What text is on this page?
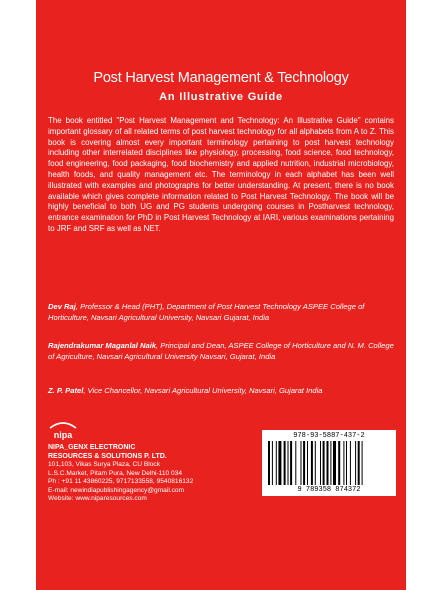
Post Harvest Management & Technology
An Illustrative Guide
The book entitled "Post Harvest Management and Technology: An Illustrative Guide" contains important glossary of all related terms of post harvest technology for all alphabets from A to Z. This book is covering almost every important terminology pertaining to post harvest technology including other interrelated disciplines like physiology, processing, food science, food technology, food engineering, food packaging, food biochemistry and applied nutrition, industrial microbiology, health foods, and quality management etc. The terminology in each alphabet has been well illustrated with examples and photographs for better understanding. At present, there is no book available which gives complete information related to Post Harvest Technology. The book will be highly beneficial to both UG and PG students undergoing courses in Postharvest technology, entrance examination for PhD in Post Harvest Technology at IARI, various examinations pertaining to JRF and SRF as well as NET.
Dev Raj, Professor & Head (PHT), Department of Post Harvest Technology ASPEE College of Horticulture, Navsari Agricultural University, Navsari Gujarat, India
Rajendrakumar Maganlal Naik, Principal and Dean, ASPEE College of Horticulture and N. M. College of Agriculture, Navsari Agricultural University Navsari, Gujarat, India
Z. P. Patel, Vice Chancellor, Navsari Agricultural University, Navsari, Gujarat India
nipa
NIPA_GENX ELECTRONIC
RESOURCES & SOLUTIONS P. LTD.
101,103, Vikas Surya Plaza, CU Block
L.S.C.Market, Pitam Pura, New Delhi-110 034
Ph : +91 11 43860225, 9717133558, 9540816132
E-mail: newindiapublishingagency@gmail.com
Website: www.niparesources.com
978-93-5887-437-2
9 789358 874372
